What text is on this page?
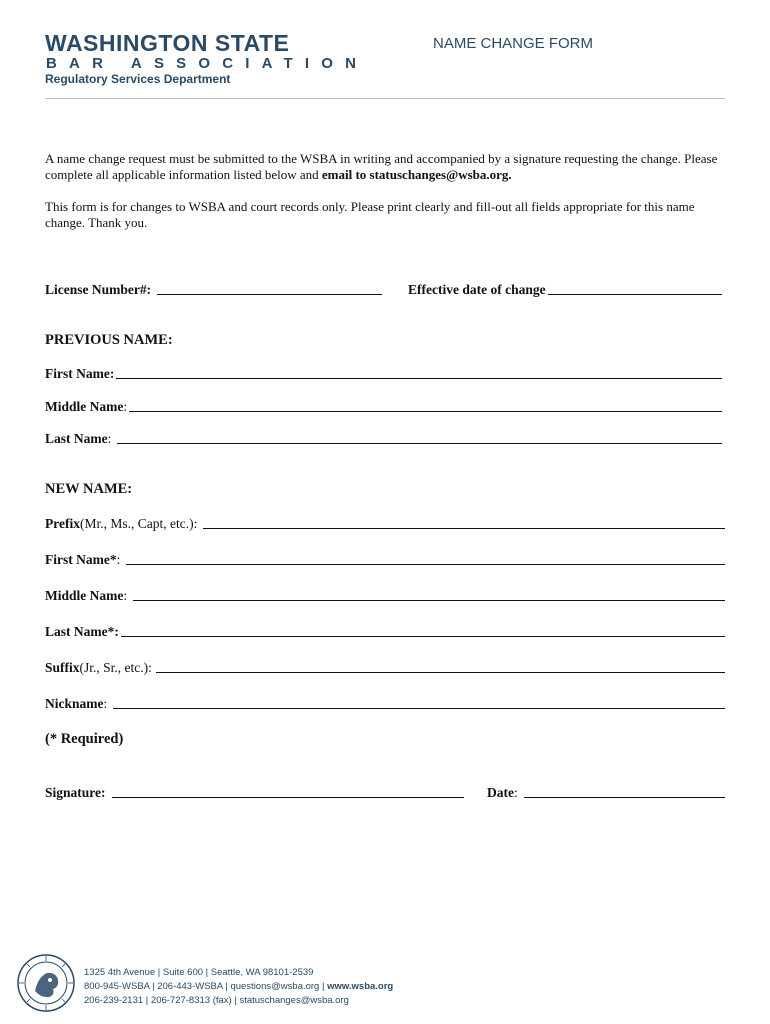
WASHINGTON STATE
BAR ASSOCIATION
Regulatory Services Department
NAME CHANGE FORM
A name change request must be submitted to the WSBA in writing and accompanied by a signature requesting the change. Please complete all applicable information listed below and email to statuschanges@wsba.org.
This form is for changes to WSBA and court records only. Please print clearly and fill-out all fields appropriate for this name change. Thank you.
License Number#:	Effective date of change
PREVIOUS NAME:
First Name:
Middle Name :
Last Name :
NEW NAME:
Prefix (Mr., Ms., Capt, etc.):
First Name* :
Middle Name :
Last Name*:
Suffix (Jr., Sr., etc.):
Nickname :
(* Required)
Signature:	Date :
1325 4th Avenue | Suite 600 | Seattle, WA 98101-2539
800-945-WSBA | 206-443-WSBA | questions@wsba.org | www.wsba.org
206-239-2131 | 206-727-8313 (fax) | statuschanges@wsba.org
